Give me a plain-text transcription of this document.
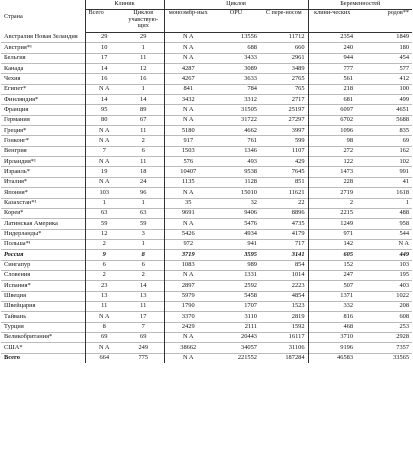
Страна	Клиник		Циклов			Беременностей	
	Всего	Циклов учавствую-щих	моноэмбр-ных	OPU	С пере-носом	клини-ческих	родов**
Австралия Новая Зеландия	29	29	N A	13556	11712	2354	1849
Австрия*¹	10	1	N A	688	660	240	180
Бельгия	17	11	N A	3433	2961	944	454
Канада	14	12	4287	3089	3489	777	577
Чехия	16	16	4267	3633	2765	561	412
Египет*	N A	1	841	784	765	218	100
Финляндия*	14	14	3432	3312	2717	681	499
Франция	95	89	N A	31505	25197	6097	4651
Германия	80	67	N A	31722	27297	6702	5688
Греция*	N A	11	5180	4662	3997	1096	835
Гонконг*	N A	2	917	761	599	98	69
Венгрия	7	6	1503	1346	1107	272	162
Ирландия*¹	N A	11	576	493	429	122	102
Израиль*	19	18	10407	9538	7645	1473	991
Италия*	N A	24	1135	1128	851	228	41
Япония*	103	96	N A	15010	11621	2719	1618
Казахстан*¹	1	1	35	32	22	2	1
Корея*	63	63	9691	9406	8896	2215	488
Латинская Америка	59	59	N A	5476	4735	1249	958
Нидерланды*	12	3	5426	4934	4179	971	544
Польша*¹	2	1	972	941	717	142	N A
Россия	9	8	3719	3595	3141	605	449
Сингапур	6	6	1083	989	854	152	103
Словения	2	2	N A	1331	1014	247	195
Испания*	23	14	2897	2592	2223	507	403
Швеция	13	13	5979	5458	4854	1371	1022
Швейцария	11	11	1790	1707	1523	332	208
Тайвань	N A	17	3370	3110	2819	816	608
Турция	8	7	2429	2111	1592	468	253
Великобритания*	69	69	N A	20443	16117	3710	2928
США*	N A	249	38662	34057	31106	9196	7357
Всего	664	775	N A	221552	187284	46583	33565
